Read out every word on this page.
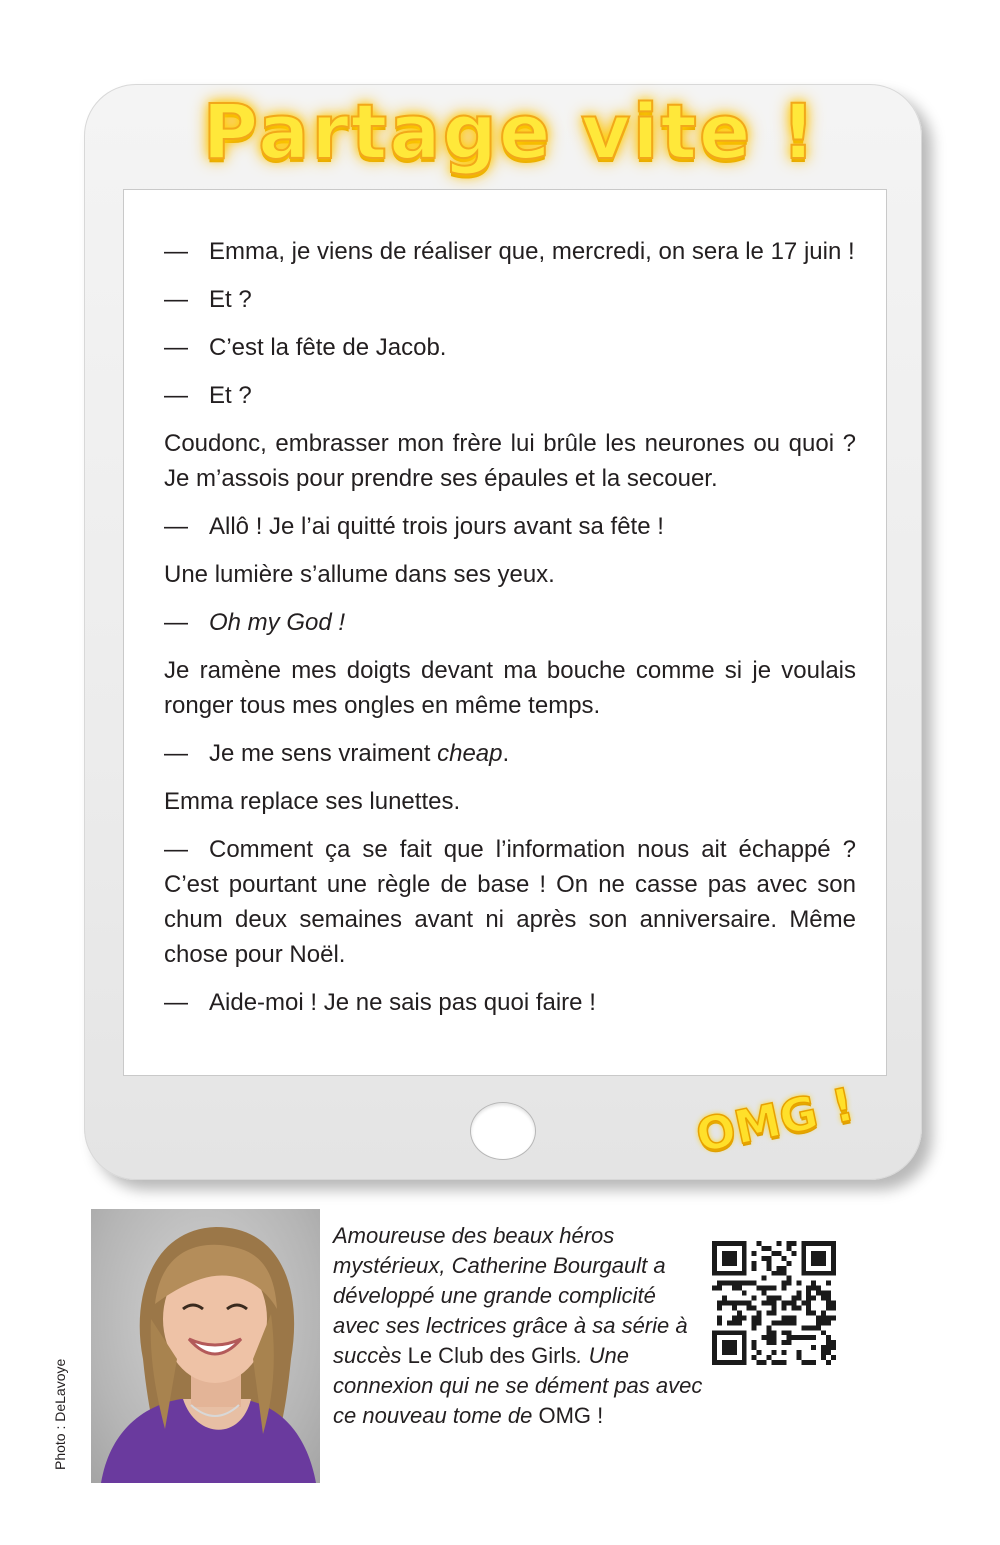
Partage vite !

— Emma, je viens de réaliser que, mercredi, on sera le 17 juin !

— Et ?

— C’est la fête de Jacob.

— Et ?

Coudonc, embrasser mon frère lui brûle les neurones ou quoi ? Je m’assois pour prendre ses épaules et la secouer.

— Allô ! Je l’ai quitté trois jours avant sa fête !

Une lumière s’allume dans ses yeux.

— Oh my God !

Je ramène mes doigts devant ma bouche comme si je voulais ronger tous mes ongles en même temps.

— Je me sens vraiment cheap.

Emma replace ses lunettes.

— Comment ça se fait que l’information nous ait échappé ? C’est pourtant une règle de base ! On ne casse pas avec son chum deux semaines avant ni après son anniversaire. Même chose pour Noël.

— Aide-moi ! Je ne sais pas quoi faire !

OMG !
Photo : DeLavoye
Amoureuse des beaux héros mystérieux, Catherine Bourgault a développé une grande complicité avec ses lectrices grâce à sa série à succès Le Club des Girls. Une connexion qui ne se dément pas avec ce nouveau tome de OMG !
